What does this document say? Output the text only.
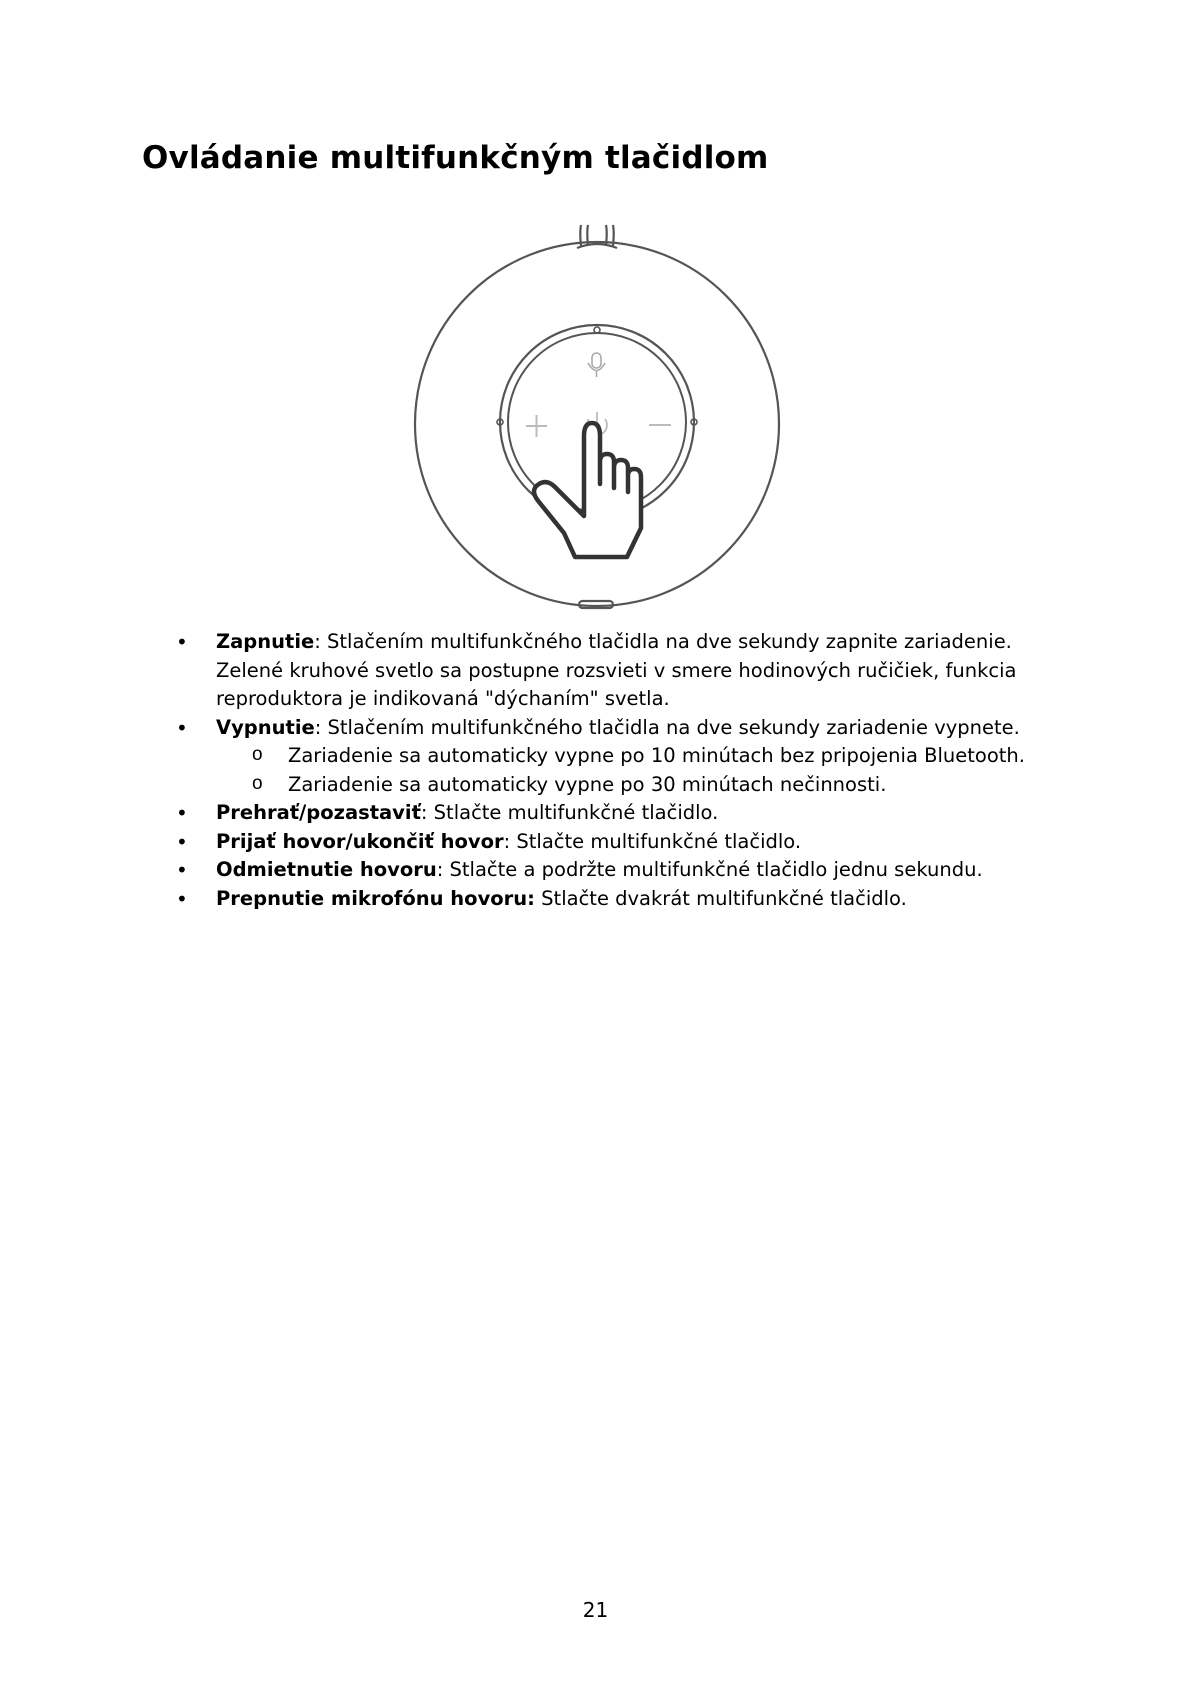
Ovládanie multifunkčným tlačidlom
• Zapnutie: Stlačením multifunkčného tlačidla na dve sekundy zapnite zariadenie. Zelené kruhové svetlo sa postupne rozsvieti v smere hodinových ručičiek, funkcia reproduktora je indikovaná "dýchaním" svetla.
• Vypnutie: Stlačením multifunkčného tlačidla na dve sekundy zariadenie vypnete.
o Zariadenie sa automaticky vypne po 10 minútach bez pripojenia Bluetooth.
o Zariadenie sa automaticky vypne po 30 minútach nečinnosti.
• Prehrať/pozastaviť: Stlačte multifunkčné tlačidlo.
• Prijať hovor/ukončiť hovor: Stlačte multifunkčné tlačidlo.
• Odmietnutie hovoru: Stlačte a podržte multifunkčné tlačidlo jednu sekundu.
• Prepnutie mikrofónu hovoru: Stlačte dvakrát multifunkčné tlačidlo.
21
